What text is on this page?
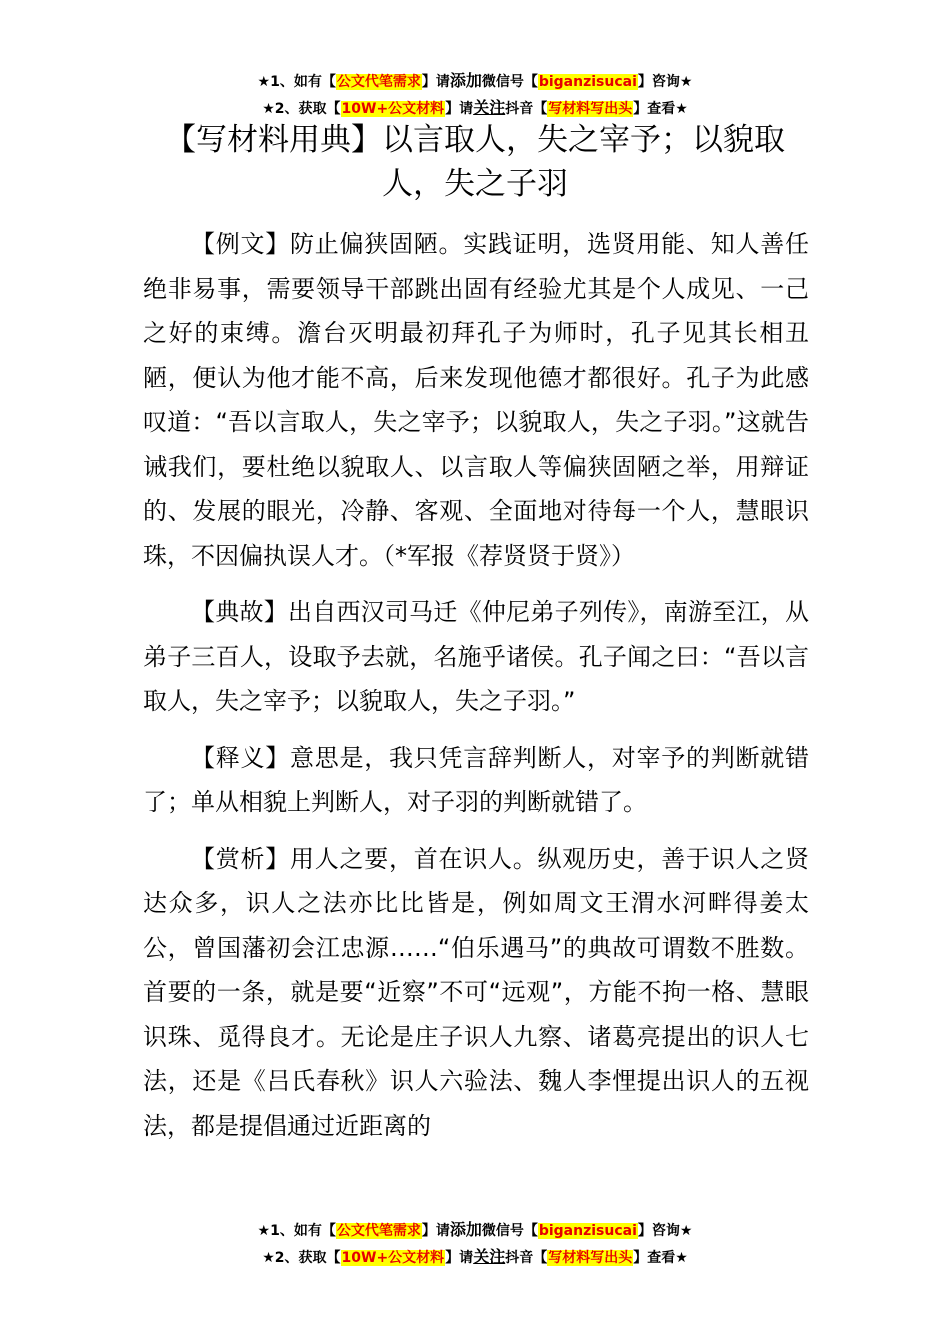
★1、如有【公文代笔需求】请添加微信号【biganzisucai】咨询★
★2、获取【10W+公文材料】请关注抖音【写材料写出头】查看★
【写材料用典】以言取人，失之宰予；以貌取人，失之子羽

【例文】防止偏狭固陋。实践证明，选贤用能、知人善任绝非易事，需要领导干部跳出固有经验尤其是个人成见、一己之好的束缚。澹台灭明最初拜孔子为师时，孔子见其长相丑陋，便认为他才能不高，后来发现他德才都很好。孔子为此感叹道：“吾以言取人，失之宰予；以貌取人，失之子羽。”这就告诫我们，要杜绝以貌取人、以言取人等偏狭固陋之举，用辩证的、发展的眼光，冷静、客观、全面地对待每一个人，慧眼识珠，不因偏执误人才。（*军报《荐贤贤于贤》）

【典故】出自西汉司马迁《仲尼弟子列传》，南游至江，从弟子三百人，设取予去就，名施乎诸侯。孔子闻之曰：“吾以言取人，失之宰予；以貌取人，失之子羽。”

【释义】意思是，我只凭言辞判断人，对宰予的判断就错了；单从相貌上判断人，对子羽的判断就错了。

【赏析】用人之要，首在识人。纵观历史，善于识人之贤达众多，识人之法亦比比皆是，例如周文王渭水河畔得姜太公，曾国藩初会江忠源……“伯乐遇马”的典故可谓数不胜数。首要的一条，就是要“近察”不可“远观”，方能不拘一格、慧眼识珠、觅得良才。无论是庄子识人九察、诸葛亮提出的识人七法，还是《吕氏春秋》识人六验法、魏人李悝提出识人的五视法，都是提倡通过近距离的

★1、如有【公文代笔需求】请添加微信号【biganzisucai】咨询★
★2、获取【10W+公文材料】请关注抖音【写材料写出头】查看★
